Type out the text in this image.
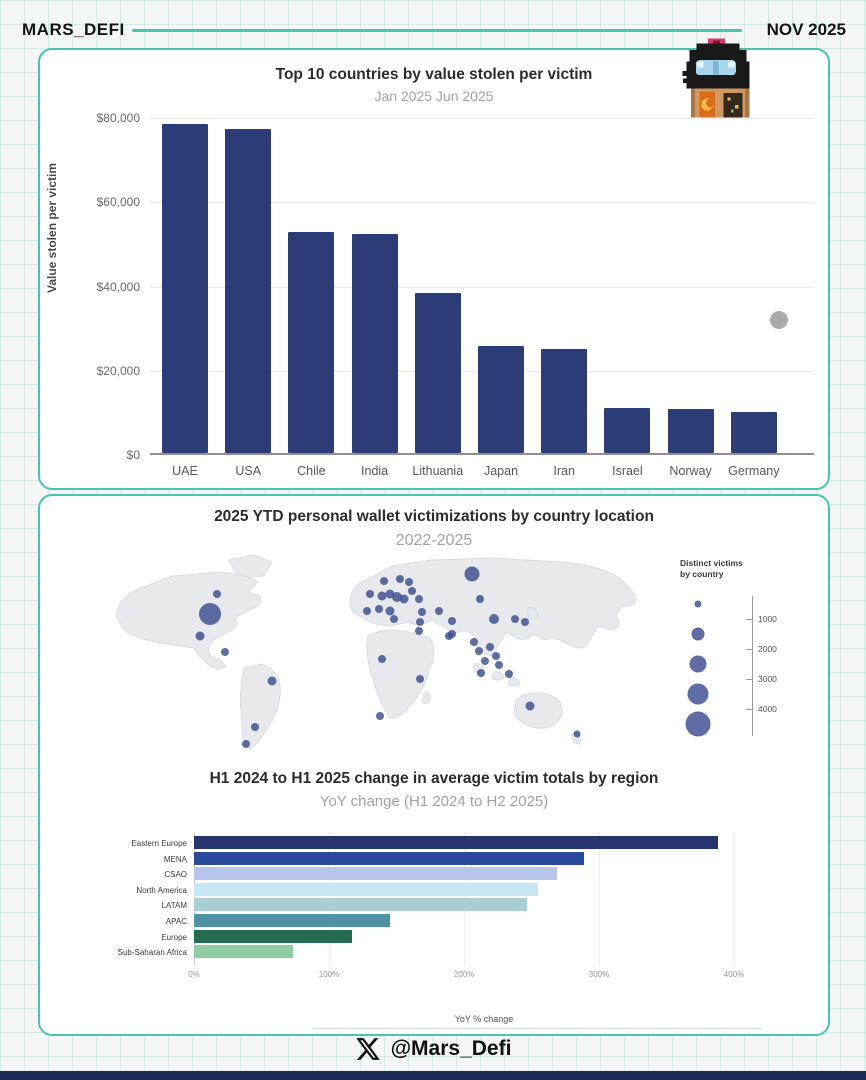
MARS_DEFI	NOV 2025
Top 10 countries by value stolen per victim
Jan 2025 Jun 2025
Value stolen per victim
$0
$20,000
$40,000
$60,000
$80,000
UAE	USA	Chile	India	Lithuania	Japan	Iran	Israel	Norway	Germany
2025 YTD personal wallet victimizations by country location
2022-2025
Distinct victims
by country
1000
2000
3000
4000
H1 2024 to H1 2025 change in average victim totals by region
YoY change (H1 2024 to H2 2025)
0%	100%	200%	300%	400%
Eastern Europe
MENA
CSAO
North America
LATAM
APAC
Europe
Sub-Saharan Africa
YoY % change
@Mars_Defi
